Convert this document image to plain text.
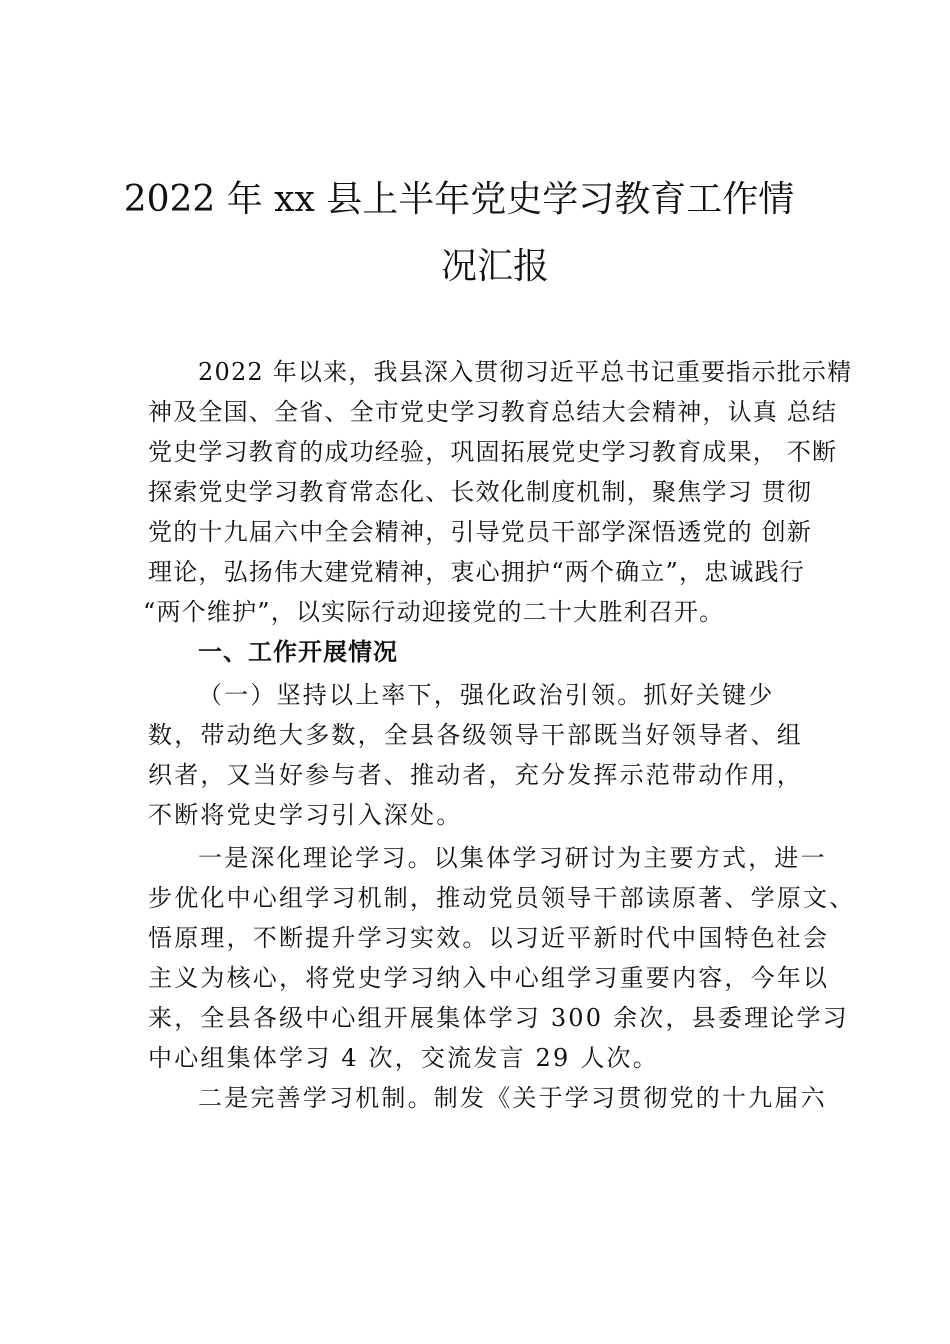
2022 年 xx 县上半年党史学习教育工作情
况汇报
2022 年以来，我县深入贯彻习近平总书记重要指示批示精
神及全国、全省、全市党史学习教育总结大会精神，认真 总结
党史学习教育的成功经验，巩固拓展党史学习教育成果， 不断
探索党史学习教育常态化、长效化制度机制，聚焦学习 贯彻
党的十九届六中全会精神，引导党员干部学深悟透党的 创新
理论，弘扬伟大建党精神，衷心拥护“两个确立”，忠诚践行
“两个维护”，以实际行动迎接党的二十大胜利召开。
一、工作开展情况
（一）坚持以上率下，强化政治引领。抓好关键少
数，带动绝大多数，全县各级领导干部既当好领导者、组
织者，又当好参与者、推动者，充分发挥示范带动作用，
不断将党史学习引入深处。
一是深化理论学习。以集体学习研讨为主要方式，进一
步优化中心组学习机制，推动党员领导干部读原著、学原文、
悟原理，不断提升学习实效。以习近平新时代中国特色社会
主义为核心，将党史学习纳入中心组学习重要内容，今年以
来，全县各级中心组开展集体学习 300 余次，县委理论学习
中心组集体学习 4 次，交流发言 29 人次。
二是完善学习机制。制发《关于学习贯彻党的十九届六
